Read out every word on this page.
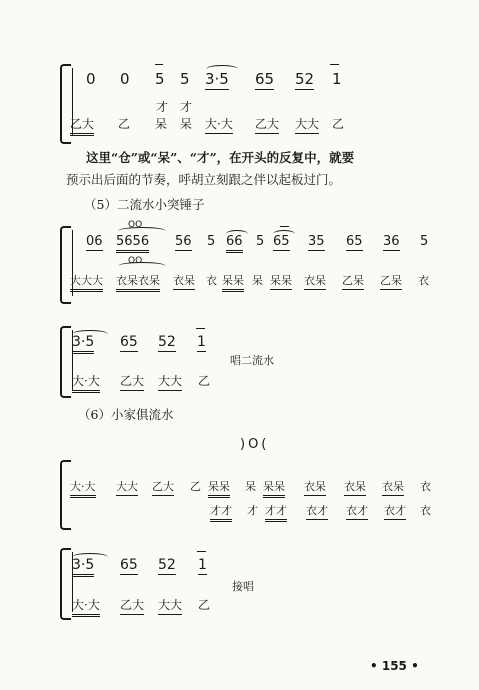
0 0 5 5 3·5 65 52 1
才 才
乙大 乙 呆 呆 大·大 乙大 大大 乙
这里“仓”或“呆”、“才”，在开头的反复中，就要
预示出后面的节奏，呼胡立刻跟之伴以起板过门。
（5）二流水小突锤子
OO
06 5656 56 5 66 5 65 35 65 36 5
OO
大大大 衣呆衣呆 衣呆 衣 呆呆 呆 呆呆 衣呆 乙呆 乙呆 衣
3·5 65 52 1
唱二流水
大·大 乙大 大大 乙
（6）小家俱流水
)O(
大·大 大大 乙大 乙 呆呆 呆 呆呆 衣呆 衣呆 衣呆 衣
才才 才 才才 衣才 衣才 衣才 衣
3·5 65 52 1
接唱
大·大 乙大 大大 乙
• 155 •
